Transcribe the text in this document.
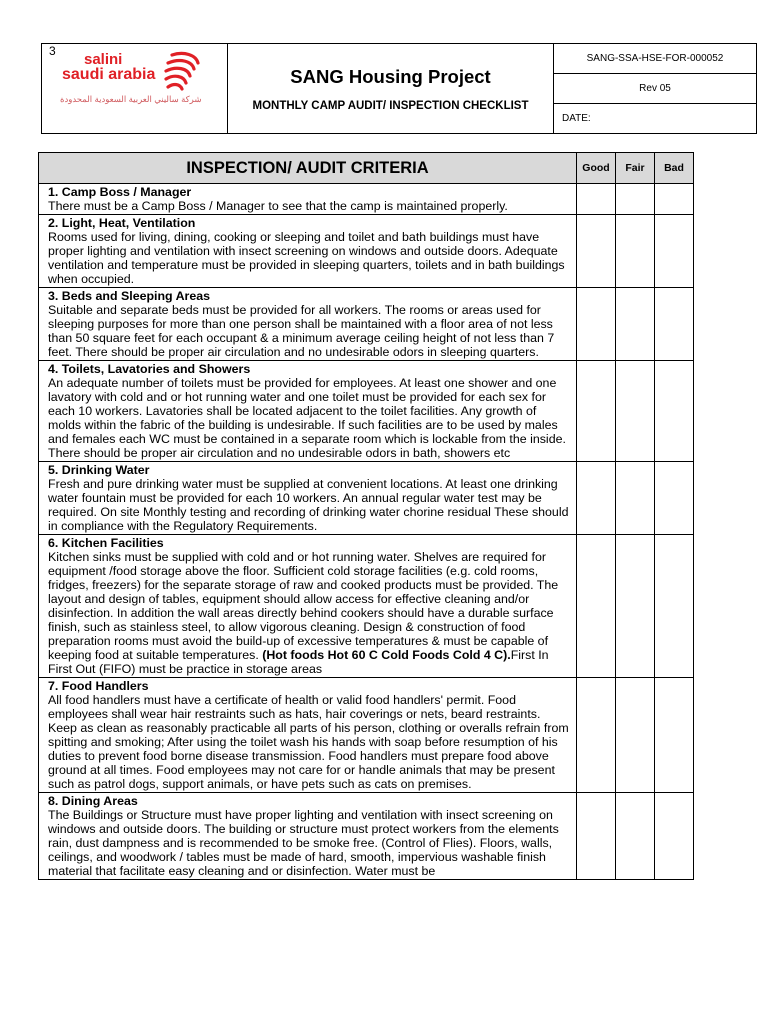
3	salini
saudi arabia
شركة ساليني العربية السعودية المحدودة

SANG Housing Project
MONTHLY CAMP AUDIT/ INSPECTION CHECKLIST
	SANG-SSA-HSE-FOR-000052
Rev 05
DATE:
INSPECTION/ AUDIT CRITERIA	Good	Fair	Bad

1. Camp Boss / Manager
There must be a Camp Boss / Manager to see that the camp is maintained properly.			

2. Light, Heat, Ventilation
Rooms used for living, dining, cooking or sleeping and toilet and bath buildings must have proper lighting and ventilation with insect screening on windows and outside doors. Adequate ventilation and temperature must be provided in sleeping quarters, toilets and in bath buildings when occupied.			

3. Beds and Sleeping Areas
Suitable and separate beds must be provided for all workers. The rooms or areas used for sleeping purposes for more than one person shall be maintained with a floor area of not less than 50 square feet for each occupant & a minimum average ceiling height of not less than 7 feet. There should be proper air circulation and no undesirable odors in sleeping quarters.			

4. Toilets, Lavatories and Showers
An adequate number of toilets must be provided for employees. At least one shower and one lavatory with cold and or hot running water and one toilet must be provided for each sex for each 10 workers. Lavatories shall be located adjacent to the toilet facilities. Any growth of molds within the fabric of the building is undesirable. If such facilities are to be used by males and females each WC must be contained in a separate room which is lockable from the inside. There should be proper air circulation and no undesirable odors in bath, showers etc			

5. Drinking Water
Fresh and pure drinking water must be supplied at convenient locations. At least one drinking water fountain must be provided for each 10 workers. An annual regular water test may be required. On site Monthly testing and recording of drinking water chorine residual These should in compliance with the Regulatory Requirements.			

6. Kitchen Facilities
Kitchen sinks must be supplied with cold and or hot running water. Shelves are required for equipment /food storage above the floor. Sufficient cold storage facilities (e.g. cold rooms, fridges, freezers) for the separate storage of raw and cooked products must be provided. The layout and design of tables, equipment should allow access for effective cleaning and/or disinfection. In addition the wall areas directly behind cookers should have a durable surface finish, such as stainless steel, to allow vigorous cleaning. Design & construction of food preparation rooms must avoid the build-up of excessive temperatures & must be capable of keeping food at suitable temperatures. (Hot foods Hot 60 C Cold Foods Cold 4 C).First In First Out (FIFO) must be practice in storage areas			

7. Food Handlers
All food handlers must have a certificate of health or valid food handlers' permit. Food employees shall wear hair restraints such as hats, hair coverings or nets, beard restraints. Keep as clean as reasonably practicable all parts of his person, clothing or overalls refrain from spitting and smoking; After using the toilet wash his hands with soap before resumption of his duties to prevent food borne disease transmission. Food handlers must prepare food above ground at all times. Food employees may not care for or handle animals that may be present such as patrol dogs, support animals, or have pets such as cats on premises.			

8. Dining Areas
The Buildings or Structure must have proper lighting and ventilation with insect screening on windows and outside doors. The building or structure must protect workers from the elements rain, dust dampness and is recommended to be smoke free. (Control of Flies). Floors, walls, ceilings, and woodwork / tables must be made of hard, smooth, impervious washable finish material that facilitate easy cleaning and or disinfection. Water must be			
